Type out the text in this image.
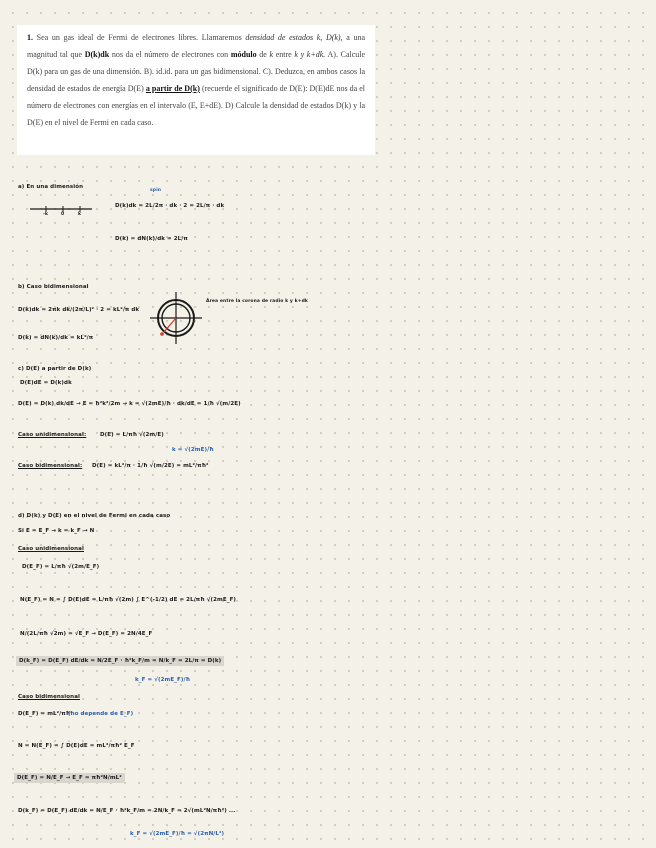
1. Sea un gas ideal de Fermi de electrones libres. Llamaremos densidad de estados k, D(k), a una magnitud tal que D(k)dk nos da el número de electrones con módulo de k entre k y k+dk. A). Calcule D(k) para un gas de una dimensión. B). id.id. para un gas bidimensional. C). Deduzca, en ambos casos la densidad de estados de energía D(E) a partir de D(k) (recuerde el significado de D(E): D(E)dE nos da el número de electrones con energías en el intervalo (E, E+dE). D) Calcule la densidad de estados D(k) y la D(E) en el nivel de Fermi en cada caso.

a) En una dimensión
-k	0	k
spin
D(k)dk = 2L/2π · dk · 2 = 2L/π · dk
D(k) = dN(k)/dk = 2L/π
b) Caso bidimensional
D(k)dk = 2πk dk/(2π/L)² · 2 = kL²/π dk
D(k) = dN(k)/dk = kL²/π
Área entre la corona de radio k y k+dk
c) D(E) a partir de D(k)
D(E)dE = D(k)dk
D(E) = D(k) dk/dE → E = ħ²k²/2m → k = √(2mE)/ħ · dk/dE = 1/ħ √(m/2E)
Caso unidimensional: D(E) = L/πħ √(2m/E)
k = √(2mE)/ħ
Caso bidimensional: D(E) = kL²/π · 1/ħ √(m/2E) = mL²/πħ²
d) D(k) y D(E) en el nivel de Fermi en cada caso
Si E = E_F → k = k_F → N
Caso unidimensional
D(E_F) = L/πħ √(2m/E_F)
N(E_F) = N = ∫ D(E)dE = L/πħ √(2m) ∫ E^(-1/2) dE = 2L/πħ √(2mE_F)
N/(2L/πħ √2m) = √E_F → D(E_F) = 2N/4E_F
D(k_F) = D(E_F) dE/dk = N/2E_F · ħ²k_F/m = N/k_F = 2L/π = D(k)
k_F = √(2mE_F)/ħ
Caso bidimensional
D(E_F) = mL²/πħ²
(no depende de E_F)
N = N(E_F) = ∫ D(E)dE = mL²/πħ² E_F
D(E_F) = N/E_F → E_F = πħ²N/mL²
D(k_F) = D(E_F) dE/dk = N/E_F · ħ²k_F/m = 2N/k_F = 2√(mL²N/πħ²) ...
k_F = √(2mE_F)/ħ = √(2πN/L²)
